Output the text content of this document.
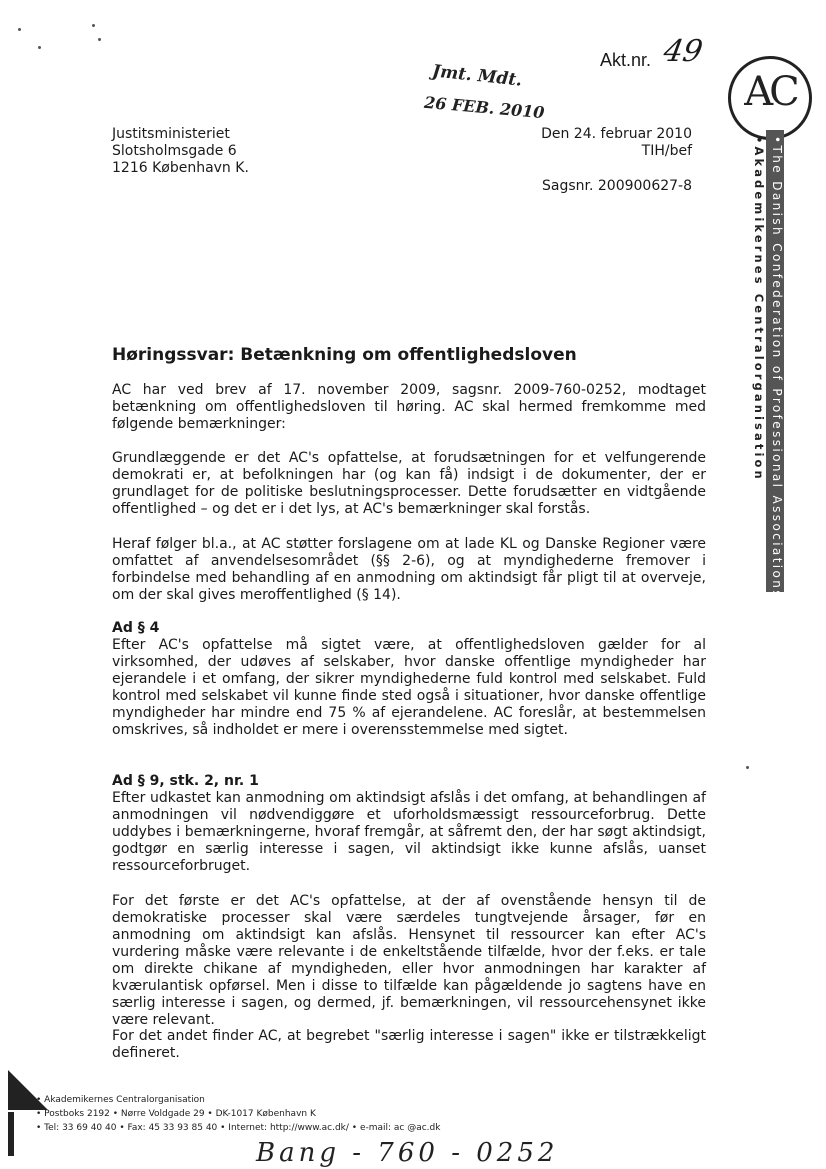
Akt.nr. 49
Jmt. Mdt.
26 FEB. 2010	AC
•The Danish Confederation of Professional Associations
•Akademikernes Centralorganisation
Justitsministeriet
Slotsholmsgade 6
1216 København K.
Den 24. februar 2010
TIH/bef
Sagsnr. 200900627-8
Høringssvar: Betænkning om offentlighedsloven
AC har ved brev af 17. november 2009, sagsnr. 2009-760-0252, modtaget betænkning om offentlighedsloven til høring. AC skal hermed fremkomme med følgende bemærkninger:
Grundlæggende er det AC's opfattelse, at forudsætningen for et velfungerende demokrati er, at befolkningen har (og kan få) indsigt i de dokumenter, der er grundlaget for de politiske beslutningsprocesser. Dette forudsætter en vidtgående offentlighed – og det er i det lys, at AC's bemærkninger skal forstås.
Heraf følger bl.a., at AC støtter forslagene om at lade KL og Danske Regioner være omfattet af anvendelsesområdet (§§ 2-6), og at myndighederne fremover i forbindelse med behandling af en anmodning om aktindsigt får pligt til at overveje, om der skal gives meroffentlighed (§ 14).
Ad § 4
Efter AC's opfattelse må sigtet være, at offentlighedsloven gælder for al virksomhed, der udøves af selskaber, hvor danske offentlige myndigheder har ejerandele i et omfang, der sikrer myndighederne fuld kontrol med selskabet. Fuld kontrol med selskabet vil kunne finde sted også i situationer, hvor danske offentlige myndigheder har mindre end 75 % af ejerandelene. AC foreslår, at bestemmelsen omskrives, så indholdet er mere i overensstemmelse med sigtet.
Ad § 9, stk. 2, nr. 1
Efter udkastet kan anmodning om aktindsigt afslås i det omfang, at behandlingen af anmodningen vil nødvendiggøre et uforholdsmæssigt ressourceforbrug. Dette uddybes i bemærkningerne, hvoraf fremgår, at såfremt den, der har søgt aktindsigt, godtgør en særlig interesse i sagen, vil aktindsigt ikke kunne afslås, uanset ressourceforbruget.
For det første er det AC's opfattelse, at der af ovenstående hensyn til de demokratiske processer skal være særdeles tungtvejende årsager, før en anmodning om aktindsigt kan afslås. Hensynet til ressourcer kan efter AC's vurdering måske være relevante i de enkeltstående tilfælde, hvor der f.eks. er tale om direkte chikane af myndigheden, eller hvor anmodningen har karakter af kværulantisk opførsel. Men i disse to tilfælde kan pågældende jo sagtens have en særlig interesse i sagen, og dermed, jf. bemærkningen, vil ressourcehensynet ikke være relevant.
For det andet finder AC, at begrebet "særlig interesse i sagen" ikke er tilstrækkeligt defineret.
• Akademikernes Centralorganisation
• Postboks 2192 • Nørre Voldgade 29 • DK-1017 København K
• Tel: 33 69 40 40 • Fax: 45 33 93 85 40 • Internet: http://www.ac.dk/ • e-mail: ac @ac.dk
Bang - 760 - 0252
